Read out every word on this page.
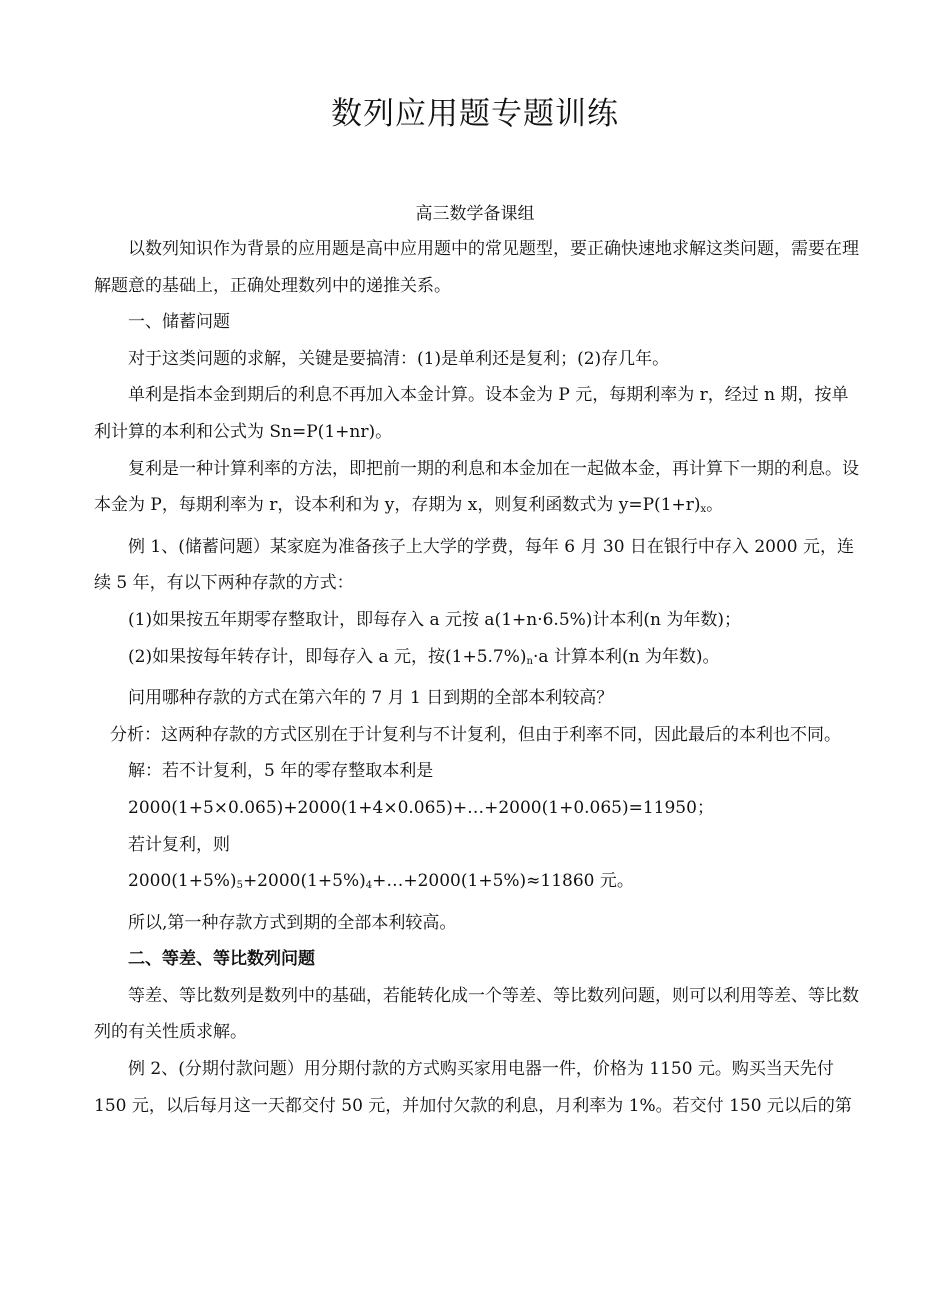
数列应用题专题训练
高三数学备课组

以数列知识作为背景的应用题是高中应用题中的常见题型，要正确快速地求解这类问题，需要在理解题意的基础上，正确处理数列中的递推关系。

一、储蓄问题

对于这类问题的求解，关键是要搞清：(1)是单利还是复利；(2)存几年。

单利是指本金到期后的利息不再加入本金计算。设本金为 P 元，每期利率为 r，经过 n 期，按单利计算的本利和公式为 Sn=P(1+nr)。

复利是一种计算利率的方法，即把前一期的利息和本金加在一起做本金，再计算下一期的利息。设本金为 P，每期利率为 r，设本利和为 y，存期为 x，则复利函数式为 $y=P(1+r)_x$。

例 1、(储蓄问题）某家庭为准备孩子上大学的学费，每年 6 月 30 日在银行中存入 2000 元，连续 5 年，有以下两种存款的方式：

(1)如果按五年期零存整取计，即每存入 a 元按 a(1+n·6.5%)计本利(n 为年数)；

(2)如果按每年转存计，即每存入 a 元，按$(1+5.7\%)_n\cdot a$ 计算本利(n 为年数)。

问用哪种存款的方式在第六年的 7 月 1 日到期的全部本利较高？

分析：这两种存款的方式区别在于计复利与不计复利，但由于利率不同，因此最后的本利也不同。

解：若不计复利，5 年的零存整取本利是

2000(1+5×0.065)+2000(1+4×0.065)+…+2000(1+0.065)=11950；

若计复利，则

$2000(1+5\%)_5+2000(1+5\%)_4+\dots+2000(1+5\%)\approx 11860$ 元。

所以,第一种存款方式到期的全部本利较高。

二、等差、等比数列问题

等差、等比数列是数列中的基础，若能转化成一个等差、等比数列问题，则可以利用等差、等比数列的有关性质求解。

例 2、(分期付款问题）用分期付款的方式购买家用电器一件，价格为 1150 元。购买当天先付 150 元，以后每月这一天都交付 50 元，并加付欠款的利息，月利率为 1%。若交付 150 元以后的第
